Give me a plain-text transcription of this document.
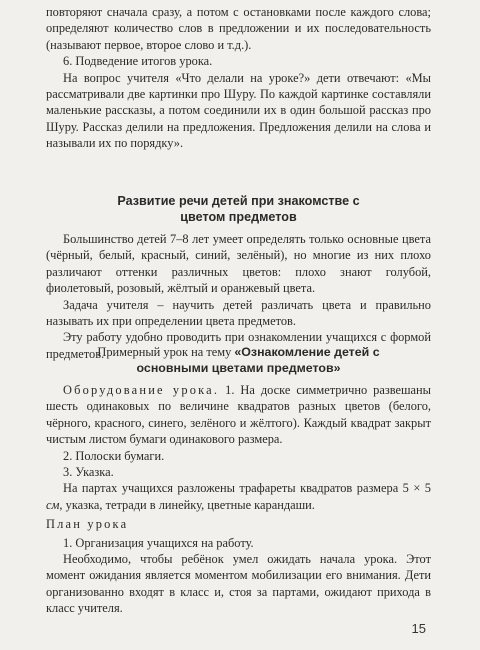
повторяют сначала сразу, а потом с остановками после каждого слова; определяют количество слов в предложении и их последовательность (называют первое, второе слово и т.д.).

6. Подведение итогов урока.

На вопрос учителя «Что делали на уроке?» дети отвечают: «Мы рассматривали две картинки про Шуру. По каждой картинке составляли маленькие рассказы, а потом соединили их в один большой рассказ про Шуру. Рассказ делили на предложения. Предложения делили на слова и называли их по порядку».

Развитие речи детей при знакомстве с цветом предметов

Большинство детей 7–8 лет умеет определять только основные цвета (чёрный, белый, красный, синий, зелёный), но многие из них плохо различают оттенки различных цветов: плохо знают голубой, фиолетовый, розовый, жёлтый и оранжевый цвета.

Задача учителя – научить детей различать цвета и правильно называть их при определении цвета предметов.

Эту работу удобно проводить при ознакомлении учащихся с формой предметов.

Примерный урок на тему «Ознакомление детей с основными цветами предметов»

Оборудование урока. 1. На доске симметрично развешаны шесть одинаковых по величине квадратов разных цветов (белого, чёрного, красного, синего, зелёного и жёлтого). Каждый квадрат закрыт чистым листом бумаги одинакового размера.

2. Полоски бумаги.

3. Указка.

На партах учащихся разложены трафареты квадратов размера 5 × 5 см, указка, тетради в линейку, цветные карандаши.

План урока

1. Организация учащихся на работу.

Необходимо, чтобы ребёнок умел ожидать начала урока. Этот момент ожидания является моментом мобилизации его внимания. Дети организованно входят в класс и, стоя за партами, ожидают прихода в класс учителя.

15
